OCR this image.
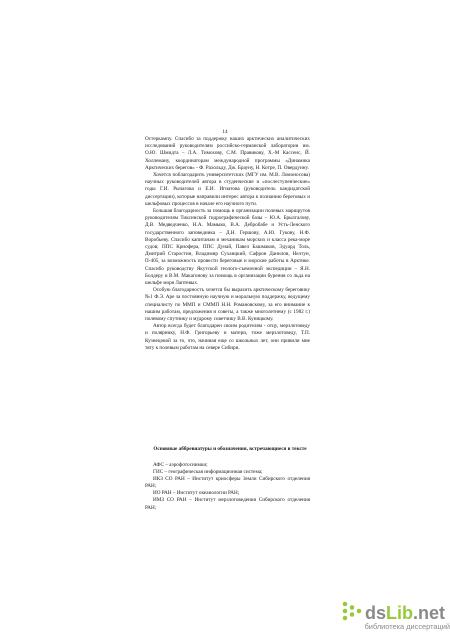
14

Остеркампу. Спасибо за поддержку наших арктических аналитических исследований руководителям российско-германской лаборатории им. О.Ю. Шмидта – Л.А. Тимохову, С.М. Правикову, Х.-М Кассенс, Й. Холлеману, координаторам международной программы «Динамика Арктических берегов» - Ф. Рахольду, Дж. Брауну, Н. Котре, П. Овердуину.

Хочется поблагодарить университетских (МГУ им. М.В. Ломоносова) научных руководителей автора в студенческие и «послеступенческие» годы Г.И. Рычагова и Е.И. Игнатова (руководитель кандидатской диссертации), которые направили интерес автора к познанию береговых и шельфовых процессов в начале его научного пути.

Большая благодарность за помощь в организации полевых маршрутов руководителям Тиксинской гидрографической базы – Ю.А. Брызгалову, Д.В. Медведченко, Н.А. Мамыко, В.А. Дебробабе и Усть-Ленского государственного заповедника – Д.Н. Гершову, А.Ю. Гукову, Н.Ф. Воробьеву. Спасибо капитанам и механикам морских и класса река-море судов; ППС Криофера, ППС Дунай, Павел Башмаков, Эдуард Толь, Дмитрий Старостин, Владимир Суханцкий, Сафрон Данилов, Нелтун, П-405, за возможность провести береговые и морские работы в Арктике. Спасибо руководству Якутской геолого-съемочной экспедиции – Я.Н. Болдеру и В.М. Макагонову за помощь в организации бурения со льда на шельфе моря Лаптевых.

Особую благодарность хочется бы выразить арктическому береговику №1 Ф.Э. Аре за постоянную научную и моральную поддержку, ведущему специалисту по ММП и СММП Н.Н. Романовскому, за его внимание к нашим работам, предложения и советы, а также многолетнему (с 1982 г.) полевому спутнику и мудрому советчику В.В. Куницкому.

Автор всегда будет благодарен своим родителям - отцу, мерзлотоведу и полярнику, Н.Ф. Григорьеву и матери, тоже мерзлотоведу, Т.П. Кузнецовой за то, что, начиная еще со школьных лет, они привили мне тягу к полевым работам на севере Сибири.

Основные аббревиатуры и обозначения, встречающиеся в тексте

АФС – аэрофотоснимки;

ГИС – географическая информационная система;

ИКЗ СО РАН – Институт криосферы Земли Сибирского отделения РАН;

ИО РАН – Институт океанологии РАН;

ИМЗ СО РАН – Институт мерзлотоведения Сибирского отделения РАН;

dsLib.net
библиотека диссертаций
